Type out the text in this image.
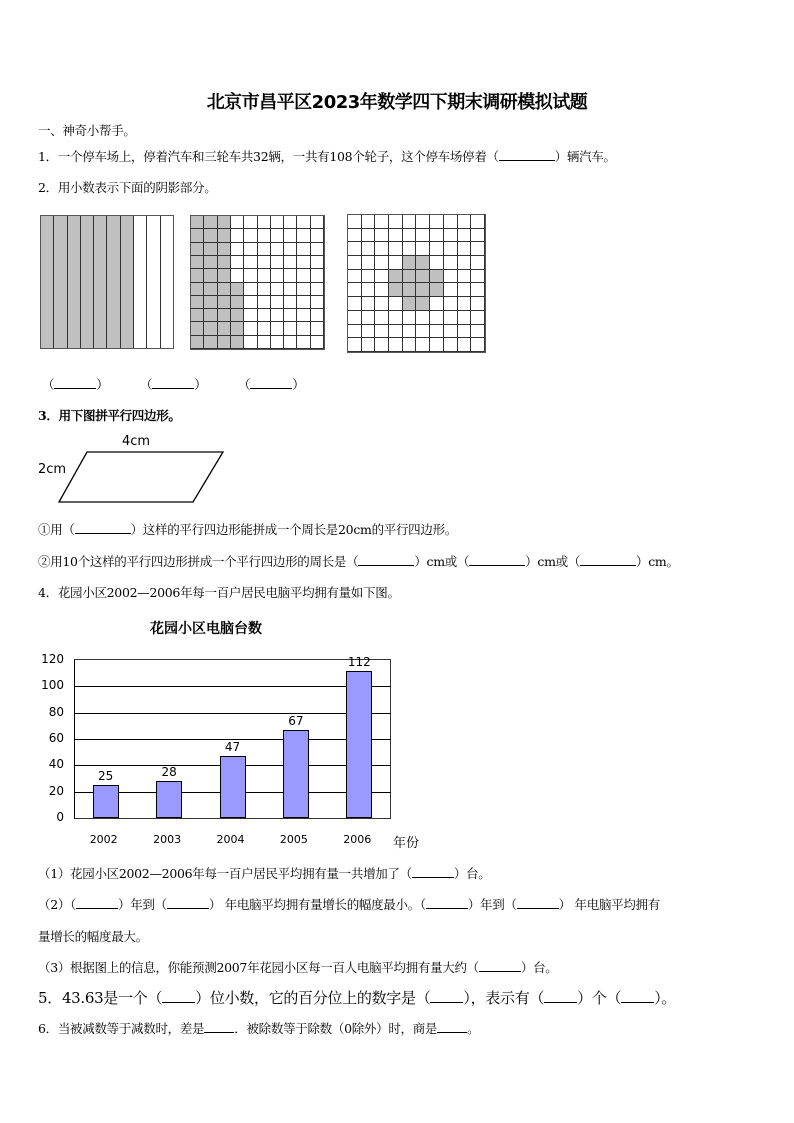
北京市昌平区2023年数学四下期末调研模拟试题
一、神奇小帮手。
1．一个停车场上，停着汽车和三轮车共32辆，一共有108个轮子，这个停车场停着（	）辆汽车。
2．用小数表示下面的阴影部分。
（	）	（	）	（	）
3．用下图拼平行四边形。
4cm
2cm
①用（	）这样的平行四边形能拼成一个周长是20cm的平行四边形。
②用10个这样的平行四边形拼成一个平行四边形的周长是（	）cm或（	）cm或（	）cm。
4．花园小区2002—2006年每一百户居民电脑平均拥有量如下图。
花园小区电脑台数
120
100
80
60
40
20
0
25
2002
28
2003
47
2004
67
2005
112
2006 年份
（1）花园小区2002—2006年每一百户居民平均拥有量一共增加了（	）台。
（2）（	）年到（	） 年电脑平均拥有量增长的幅度最小。（	）年到（	） 年电脑平均拥有
量增长的幅度最大。
（3）根据图上的信息，你能预测2007年花园小区每一百人电脑平均拥有量大约（	）台。
5．43.63是一个（ ）位小数，它的百分位上的数字是（ ），表示有（ ）个（ ）。
6．当被减数等于减数时，差是 ．被除数等于除数（0除外）时，商是 。
